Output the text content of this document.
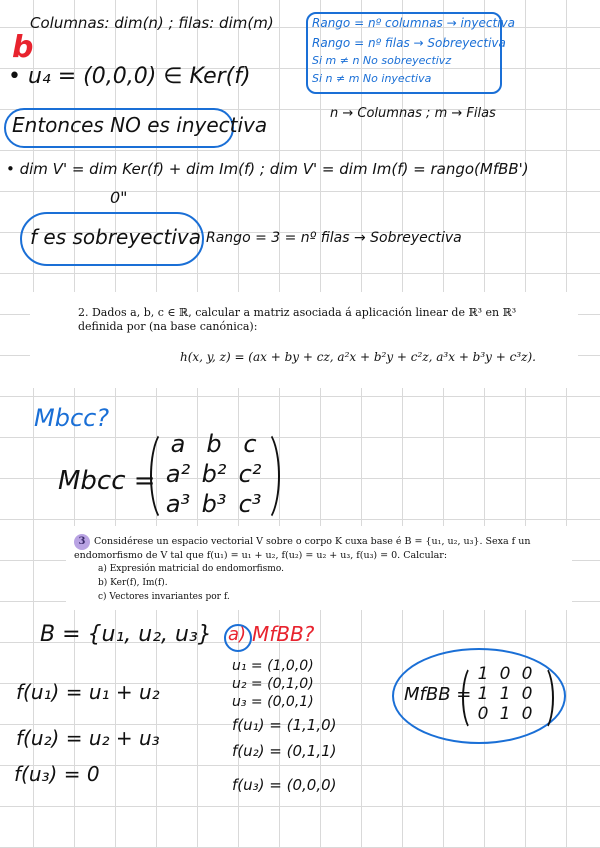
Columnas: dim(n) ; filas: dim(m)
b
• u₄ = (0,0,0) ∈ Ker(f)
Entonces NO es inyectiva
Rango = nº columnas → inyectiva
Rango = nº filas → Sobreyectiva
Si m ≠ n No sobreyectivz
Si n ≠ m No inyectiva
n → Columnas ; m → Filas
• dim V' = dim Ker(f) + dim Im(f) ; dim V' = dim Im(f) = rango(MfBB')
0"
f es sobreyectiva Rango = 3 = nº filas → Sobreyectiva

2. Dados a, b, c ∈ ℝ, calcular a matriz asociada á aplicación linear de ℝ³ en ℝ³ definida por (na base canónica):

h(x, y, z) = (ax + by + cz, a²x + b²y + c²z, a³x + b³y + c³z).

Mbcc?
Mbcc =
a b c
a² b² c²
a³ b³ c³

3 Considérese un espacio vectorial V sobre o corpo K cuxa base é B = {u₁, u₂, u₃}. Sexa f un endomorfismo de V tal que f(u₁) = u₁ + u₂, f(u₂) = u₂ + u₃, f(u₃) = 0. Calcular:

a) Expresión matricial do endomorfismo.

b) Ker(f), Im(f).

c) Vectores invariantes por f.

B = {u₁, u₂, u₃}
f(u₁) = u₁ + u₂
f(u₂) = u₂ + u₃
f(u₃) = 0
a) MfBB?
u₁ = (1,0,0)
u₂ = (0,1,0)
u₃ = (0,0,1)
f(u₁) = (1,1,0)
f(u₂) = (0,1,1)
f(u₃) = (0,0,0)
MfBB =
1 0 0
1 1 0
0 1 0
